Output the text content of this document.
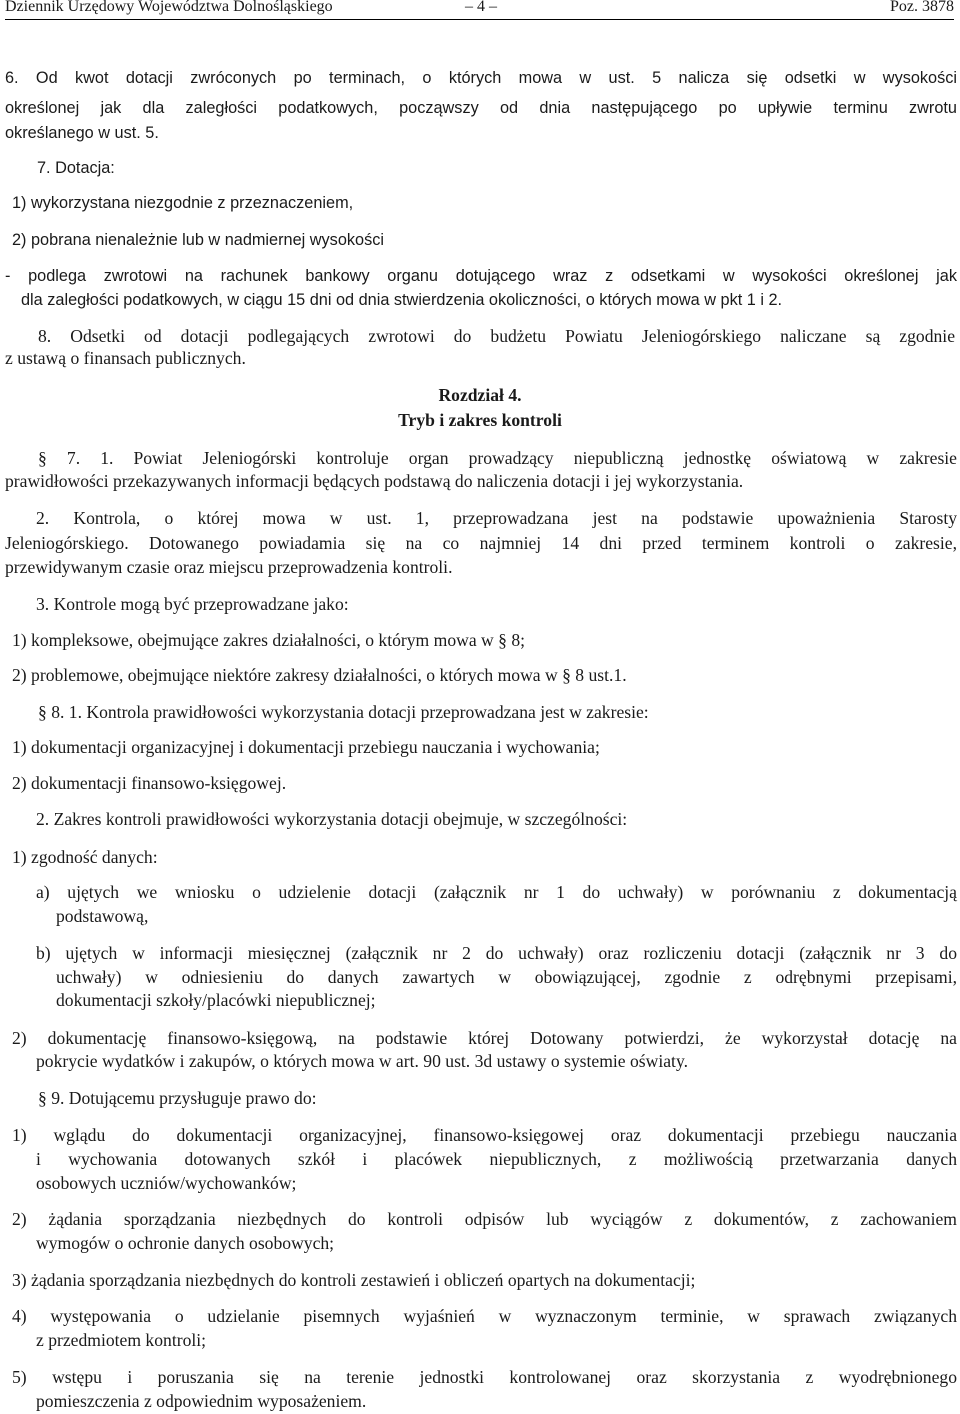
Dziennik Urzędowy Województwa Dolnośląskiego	– 4 –	Poz. 3878

6. Od kwot dotacji zwróconych po terminach, o których mowa w ust. 5 nalicza się odsetki w wysokości

określonej jak dla zaległości podatkowych, począwszy od dnia następującego po upływie terminu zwrotu

określanego w ust. 5.

7. Dotacja:

1) wykorzystana niezgodnie z przeznaczeniem,

2) pobrana nienależnie lub w nadmiernej wysokości

- podlega zwrotowi na rachunek bankowy organu dotującego wraz z odsetkami w wysokości określonej jak

dla zaległości podatkowych, w ciągu 15 dni od dnia stwierdzenia okoliczności, o których mowa w pkt 1 i 2.

8. Odsetki od dotacji podlegających zwrotowi do budżetu Powiatu Jeleniogórskiego naliczane są zgodnie

z ustawą o finansach publicznych.

Rozdział 4.

Tryb i zakres kontroli

§ 7. 1. Powiat Jeleniogórski kontroluje organ prowadzący niepubliczną jednostkę oświatową w zakresie

prawidłowości przekazywanych informacji będących podstawą do naliczenia dotacji i jej wykorzystania.

2. Kontrola, o której mowa w ust. 1, przeprowadzana jest na podstawie upoważnienia Starosty

Jeleniogórskiego. Dotowanego powiadamia się na co najmniej 14 dni przed terminem kontroli o zakresie,

przewidywanym czasie oraz miejscu przeprowadzenia kontroli.

3. Kontrole mogą być przeprowadzane jako:

1) kompleksowe, obejmujące zakres działalności, o którym mowa w § 8;

2) problemowe, obejmujące niektóre zakresy działalności, o których mowa w § 8 ust.1.

§ 8. 1. Kontrola prawidłowości wykorzystania dotacji przeprowadzana jest w zakresie:

1) dokumentacji organizacyjnej i dokumentacji przebiegu nauczania i wychowania;

2) dokumentacji finansowo-księgowej.

2. Zakres kontroli prawidłowości wykorzystania dotacji obejmuje, w szczególności:

1) zgodność danych:

a) ujętych we wniosku o udzielenie dotacji (załącznik nr 1 do uchwały) w porównaniu z dokumentacją

podstawową,

b) ujętych w informacji miesięcznej (załącznik nr 2 do uchwały) oraz rozliczeniu dotacji (załącznik nr 3 do

uchwały) w odniesieniu do danych zawartych w obowiązującej, zgodnie z odrębnymi przepisami,

dokumentacji szkoły/placówki niepublicznej;

2) dokumentację finansowo-księgową, na podstawie której Dotowany potwierdzi, że wykorzystał dotację na

pokrycie wydatków i zakupów, o których mowa w art. 90 ust. 3d ustawy o systemie oświaty.

§ 9. Dotującemu przysługuje prawo do:

1) wglądu do dokumentacji organizacyjnej, finansowo-księgowej oraz dokumentacji przebiegu nauczania

i wychowania dotowanych szkół i placówek niepublicznych, z możliwością przetwarzania danych

osobowych uczniów/wychowanków;

2) żądania sporządzania niezbędnych do kontroli odpisów lub wyciągów z dokumentów, z zachowaniem

wymogów o ochronie danych osobowych;

3) żądania sporządzania niezbędnych do kontroli zestawień i obliczeń opartych na dokumentacji;

4) występowania o udzielanie pisemnych wyjaśnień w wyznaczonym terminie, w sprawach związanych

z przedmiotem kontroli;

5) wstępu i poruszania się na terenie jednostki kontrolowanej oraz skorzystania z wyodrębnionego

pomieszczenia z odpowiednim wyposażeniem.
